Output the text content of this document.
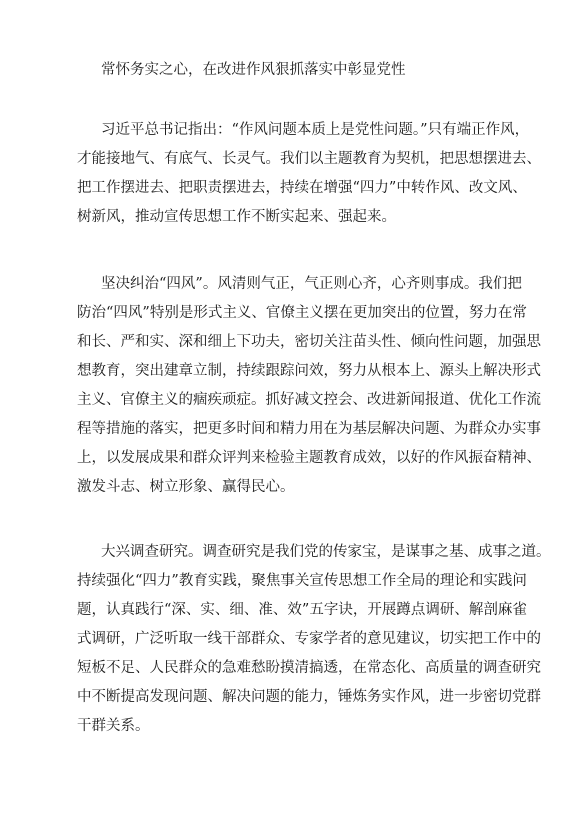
常怀务实之心，在改进作风狠抓落实中彰显党性

习近平总书记指出：“作风问题本质上是党性问题。”只有端正作风，
才能接地气、有底气、长灵气。我们以主题教育为契机，把思想摆进去、
把工作摆进去、把职责摆进去，持续在增强“四力”中转作风、改文风、
树新风，推动宣传思想工作不断实起来、强起来。

坚决纠治“四风”。风清则气正，气正则心齐，心齐则事成。我们把
防治“四风”特别是形式主义、官僚主义摆在更加突出的位置，努力在常
和长、严和实、深和细上下功夫，密切关注苗头性、倾向性问题，加强思
想教育，突出建章立制，持续跟踪问效，努力从根本上、源头上解决形式
主义、官僚主义的痼疾顽症。抓好减文控会、改进新闻报道、优化工作流
程等措施的落实，把更多时间和精力用在为基层解决问题、为群众办实事
上，以发展成果和群众评判来检验主题教育成效，以好的作风振奋精神、
激发斗志、树立形象、赢得民心。

大兴调查研究。调查研究是我们党的传家宝，是谋事之基、成事之道。
持续强化“四力”教育实践，聚焦事关宣传思想工作全局的理论和实践问
题，认真践行“深、实、细、准、效”五字诀，开展蹲点调研、解剖麻雀
式调研，广泛听取一线干部群众、专家学者的意见建议，切实把工作中的
短板不足、人民群众的急难愁盼摸清搞透，在常态化、高质量的调查研究
中不断提高发现问题、解决问题的能力，锤炼务实作风，进一步密切党群
干群关系。
